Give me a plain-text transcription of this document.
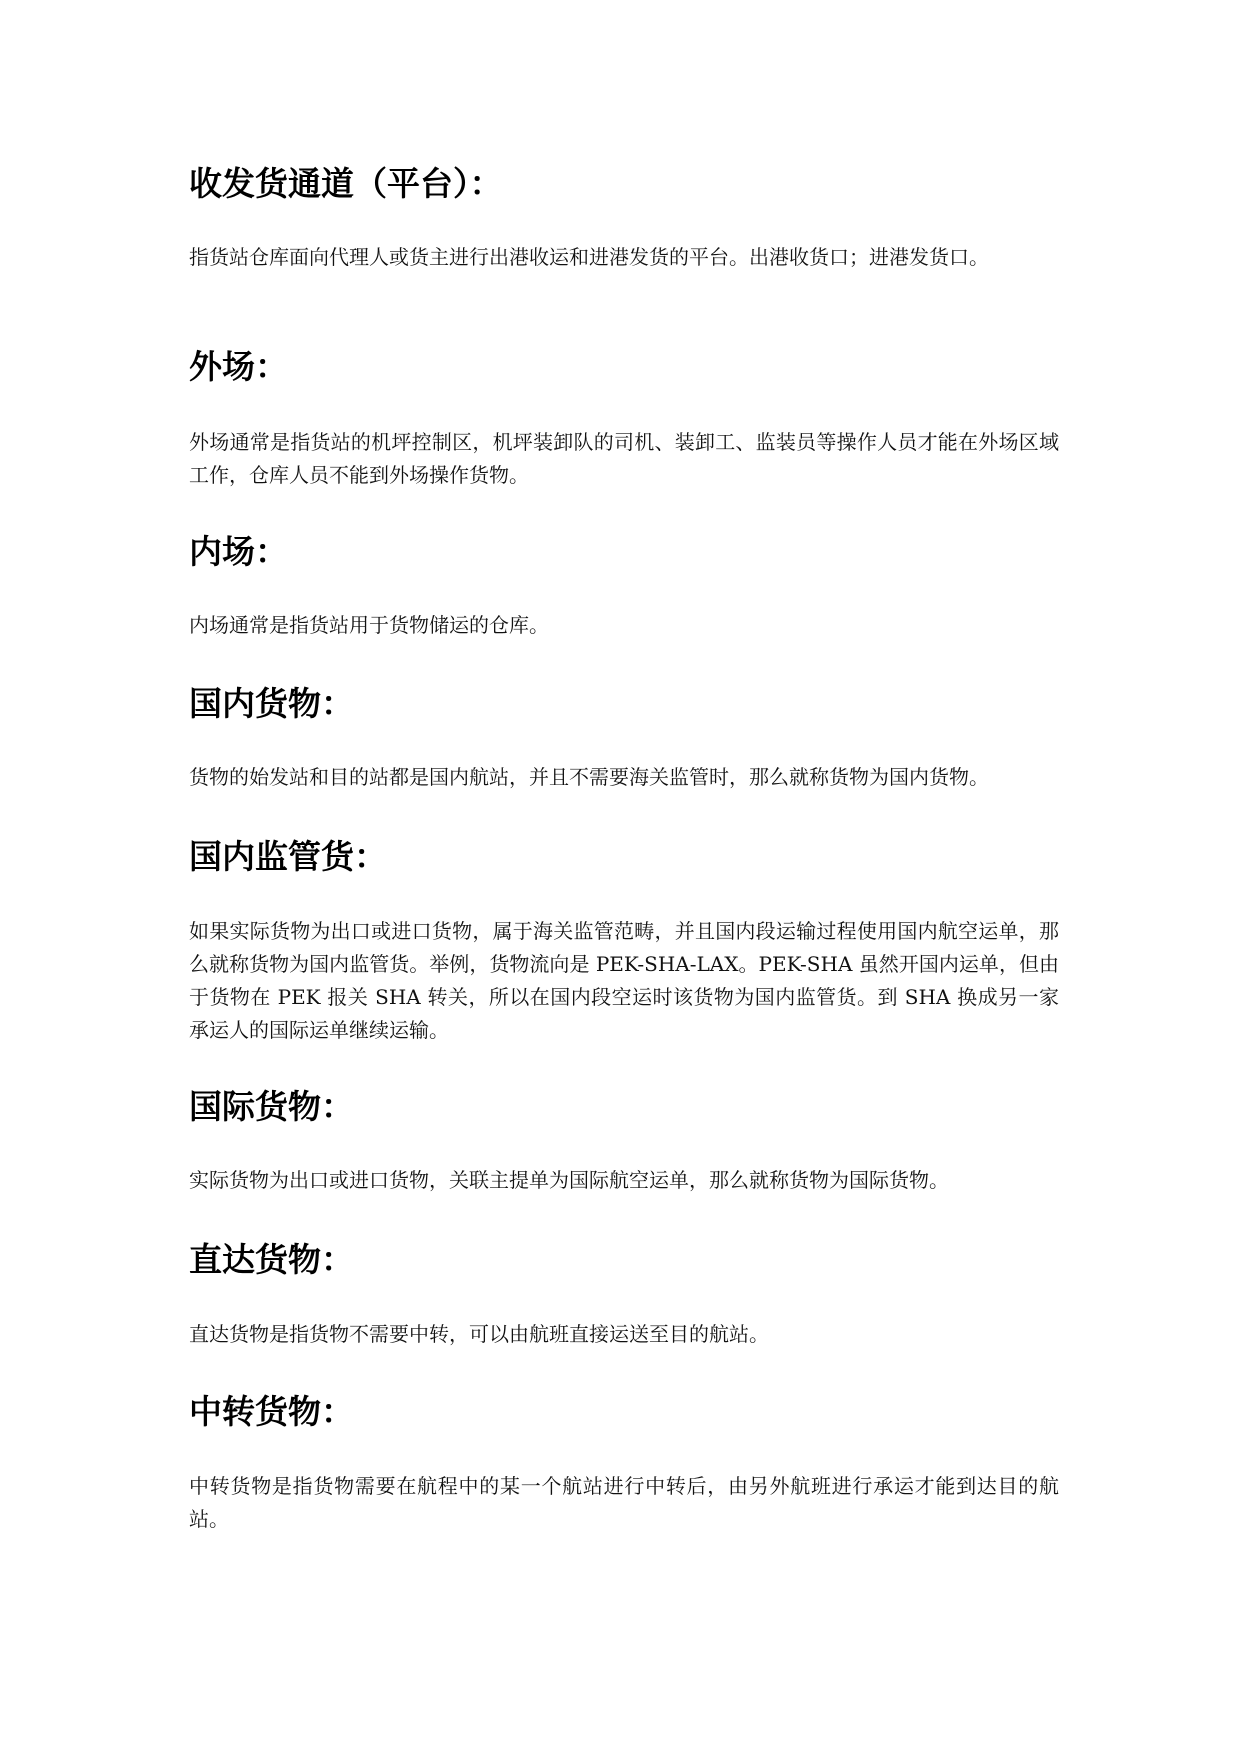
收发货通道（平台）：

指货站仓库面向代理人或货主进行出港收运和进港发货的平台。出港收货口；进港发货口。

外场：

外场通常是指货站的机坪控制区，机坪装卸队的司机、装卸工、监装员等操作人员才能在外场区域工作，仓库人员不能到外场操作货物。

内场：

内场通常是指货站用于货物储运的仓库。

国内货物：

货物的始发站和目的站都是国内航站，并且不需要海关监管时，那么就称货物为国内货物。

国内监管货：

如果实际货物为出口或进口货物，属于海关监管范畴，并且国内段运输过程使用国内航空运单，那么就称货物为国内监管货。举例，货物流向是 PEK-SHA-LAX。PEK-SHA 虽然开国内运单，但由于货物在 PEK 报关 SHA 转关，所以在国内段空运时该货物为国内监管货。到 SHA 换成另一家承运人的国际运单继续运输。

国际货物：

实际货物为出口或进口货物，关联主提单为国际航空运单，那么就称货物为国际货物。

直达货物：

直达货物是指货物不需要中转，可以由航班直接运送至目的航站。

中转货物：

中转货物是指货物需要在航程中的某一个航站进行中转后，由另外航班进行承运才能到达目的航站。
